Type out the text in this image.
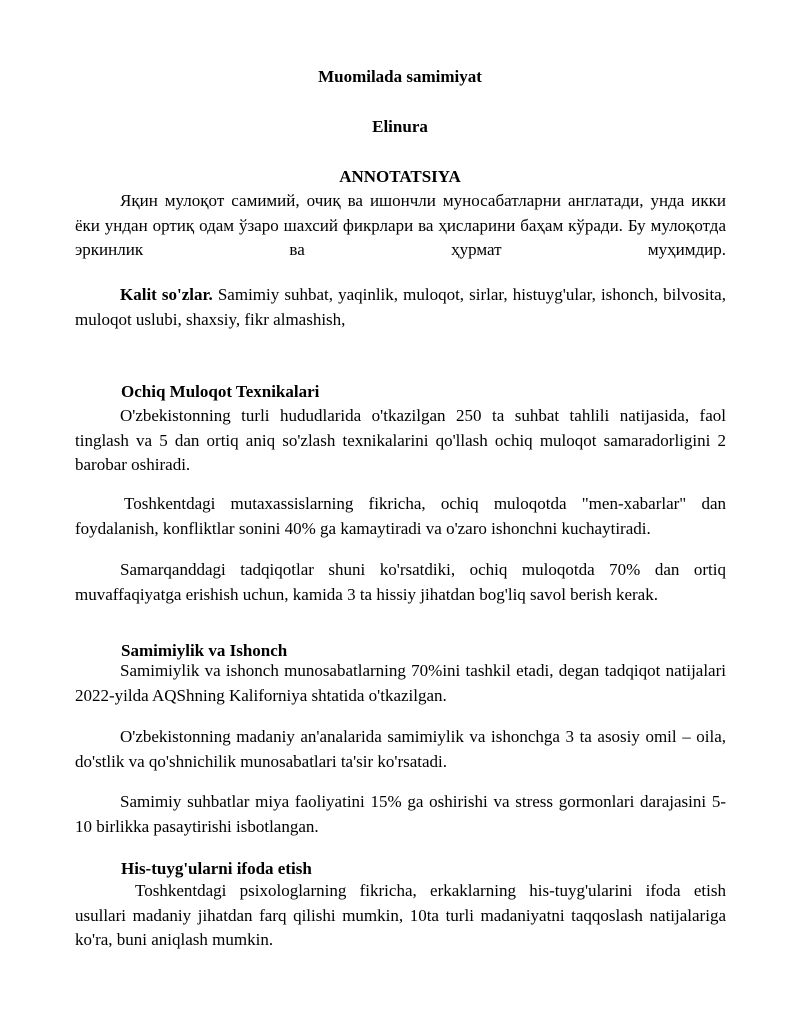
Muomilada samimiyat
Elinura
ANNOTATSIYA
Яқин мулоқот самимий, очиқ ва ишончли муносабатларни англатади, унда икки ёки ундан ортиқ одам ўзаро шахсий фикрлари ва ҳисларини баҳам кўради. Бу мулоқотда эркинлик ва ҳурмат муҳимдир.
Kalit so'zlar. Samimiy suhbat, yaqinlik, muloqot, sirlar, histuyg'ular, ishonch, bilvosita, muloqot uslubi, shaxsiy, fikr almashish,
Ochiq Muloqot Texnikalari
O'zbekistonning turli hududlarida o'tkazilgan 250 ta suhbat tahlili natijasida, faol tinglash va 5 dan ortiq aniq so'zlash texnikalarini qo'llash ochiq muloqot samaradorligini 2 barobar oshiradi.
Toshkentdagi mutaxassislarning fikricha, ochiq muloqotda "men-xabarlar" dan foydalanish, konfliktlar sonini 40% ga kamaytiradi va o'zaro ishonchni kuchaytiradi.
Samarqanddagi tadqiqotlar shuni ko'rsatdiki, ochiq muloqotda 70% dan ortiq muvaffaqiyatga erishish uchun, kamida 3 ta hissiy jihatdan bog'liq savol berish kerak.
Samimiylik va Ishonch
Samimiylik va ishonch munosabatlarning 70%ini tashkil etadi, degan tadqiqot natijalari 2022-yilda AQShning Kaliforniya shtatida o'tkazilgan.
O'zbekistonning madaniy an'analarida samimiylik va ishonchga 3 ta asosiy omil – oila, do'stlik va qo'shnichilik munosabatlari ta'sir ko'rsatadi.
Samimiy suhbatlar miya faoliyatini 15% ga oshirishi va stress gormonlari darajasini 5-10 birlikka pasaytirishi isbotlangan.
His-tuyg'ularni ifoda etish
Toshkentdagi psixologlarning fikricha, erkaklarning his-tuyg'ularini ifoda etish usullari madaniy jihatdan farq qilishi mumkin, 10ta turli madaniyatni taqqoslash natijalariga ko'ra, buni aniqlash mumkin.
